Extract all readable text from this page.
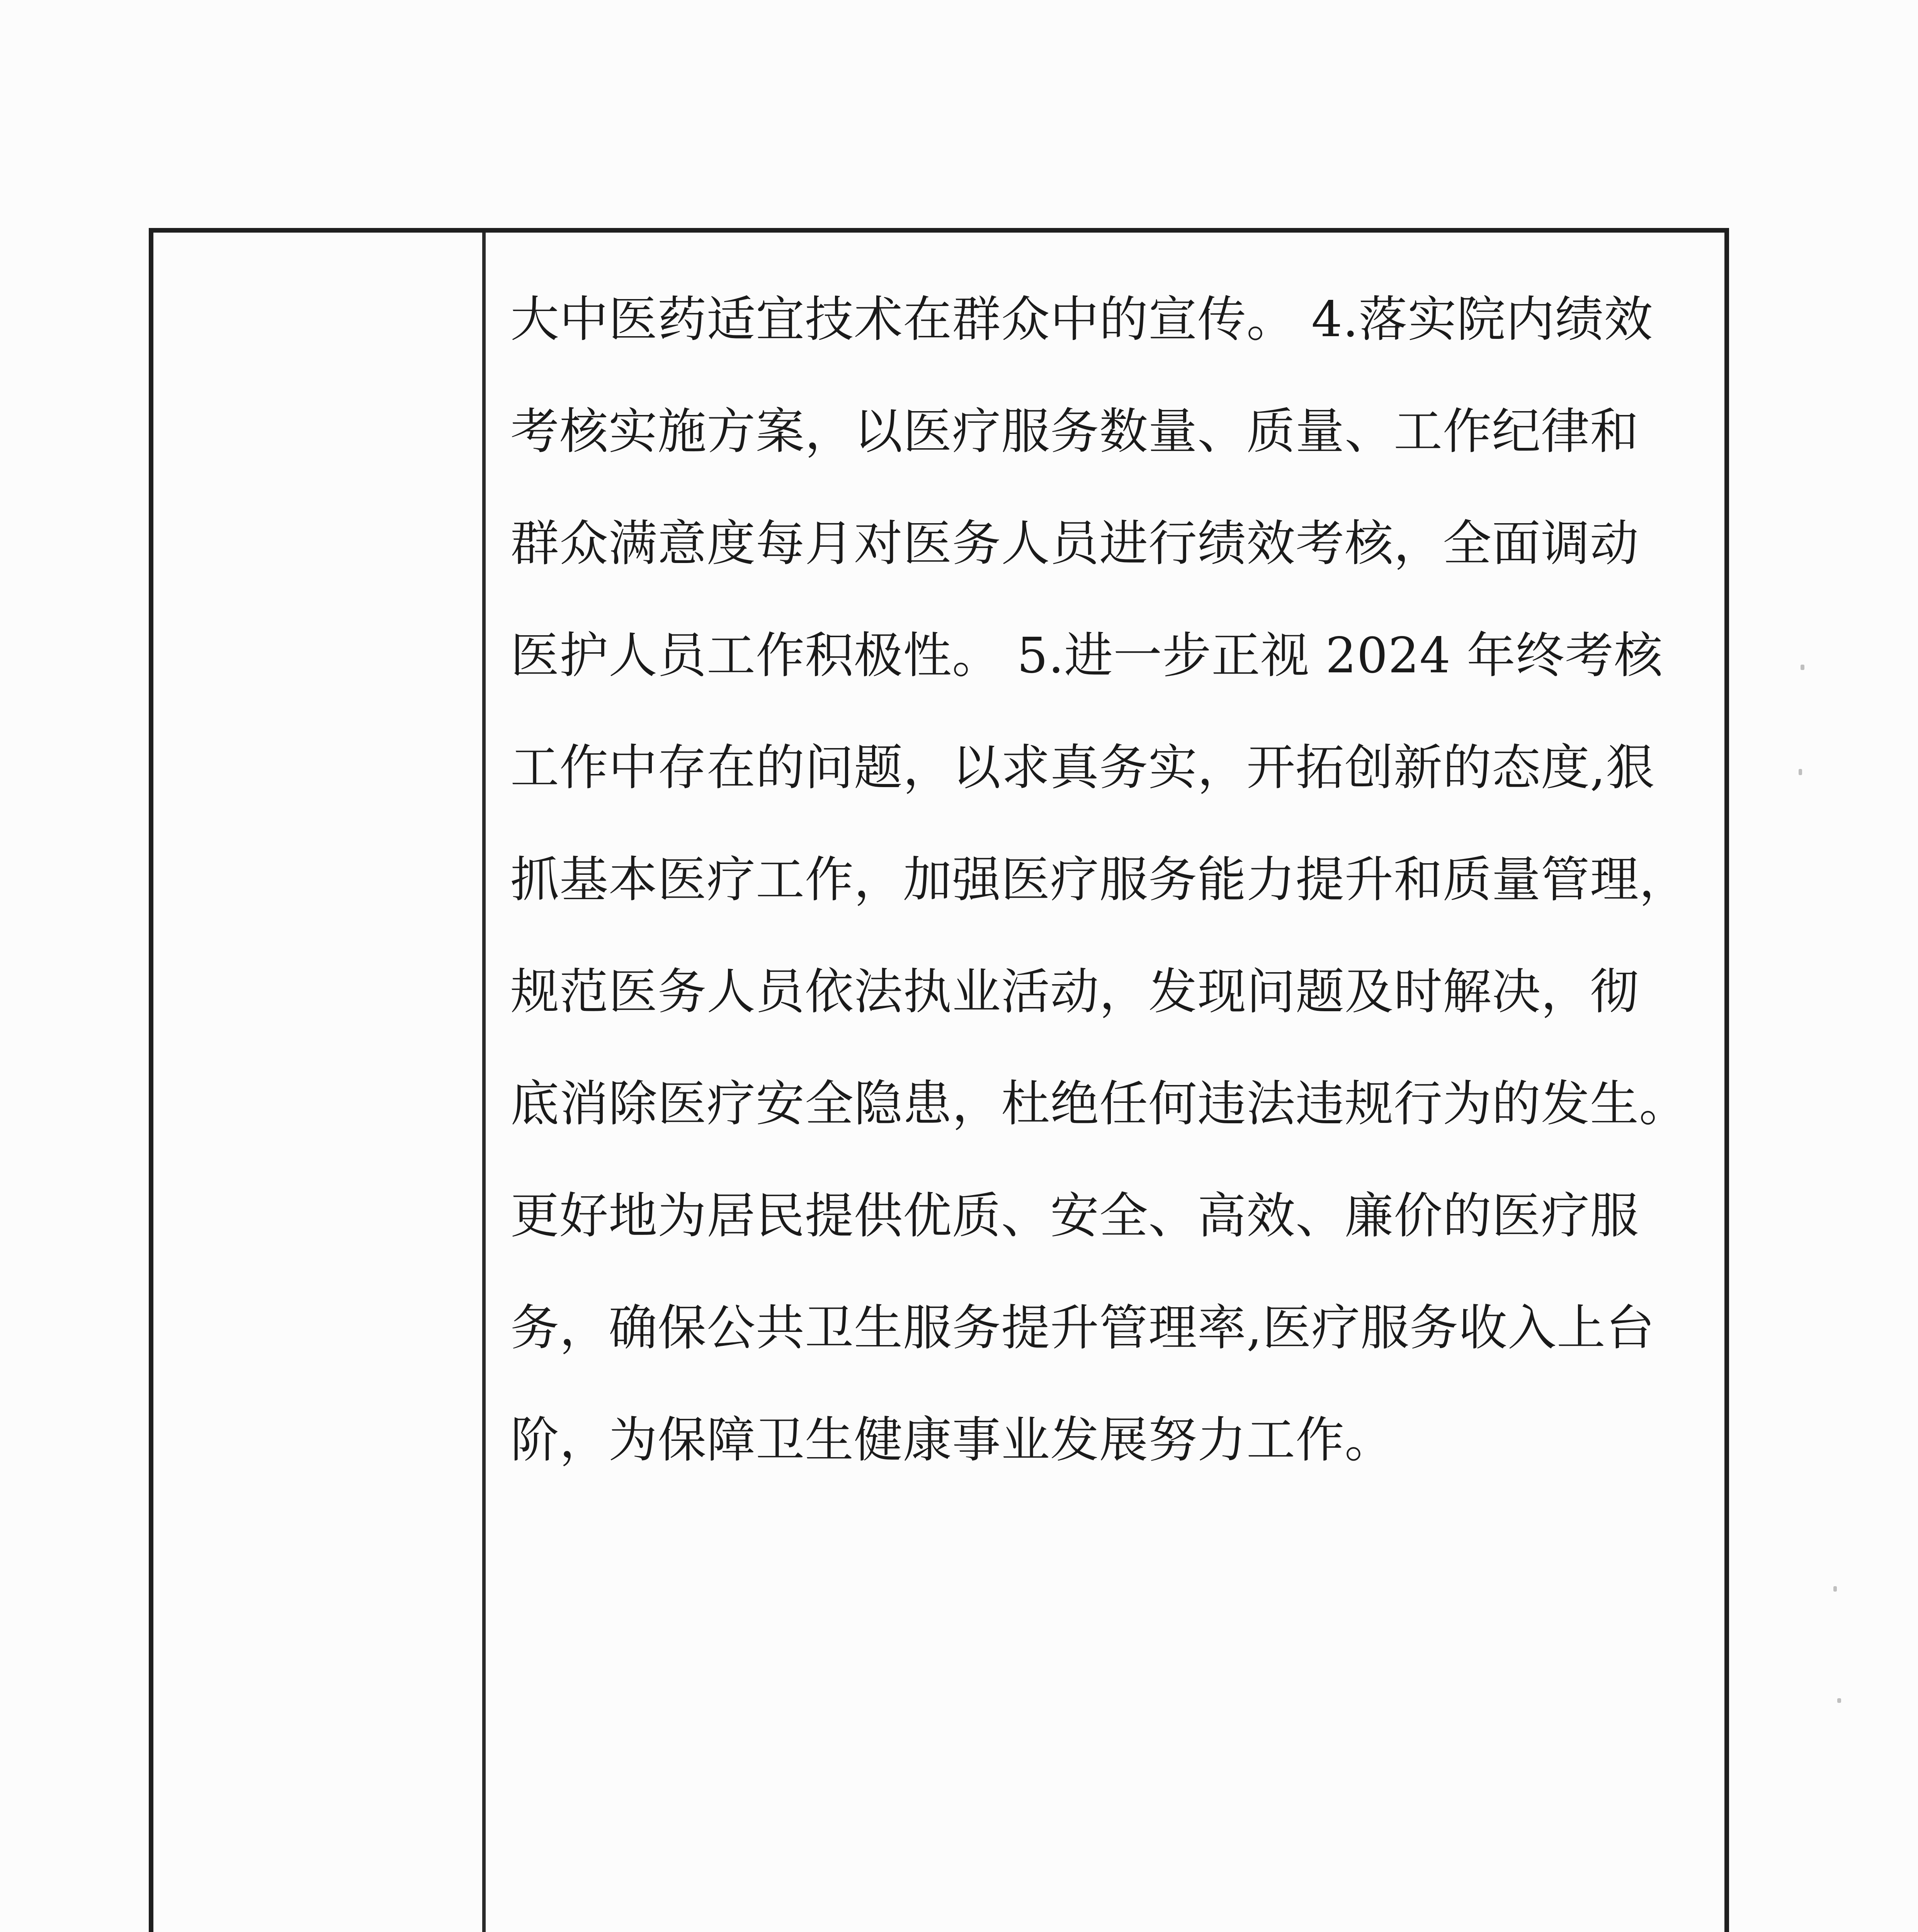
大中医药适宜技术在群众中的宣传。 4.落实院内绩效
考核实施方案，以医疗服务数量、质量、工作纪律和
群众满意度每月对医务人员进行绩效考核，全面调动
医护人员工作积极性。 5.进一步正视 2024 年终考核
工作中存在的问题，以求真务实，开拓创新的态度,狠
抓基本医疗工作，加强医疗服务能力提升和质量管理，
规范医务人员依法执业活动，发现问题及时解决，彻
底消除医疗安全隐患，杜绝任何违法违规行为的发生。
更好地为居民提供优质、安全、高效、廉价的医疗服
务，确保公共卫生服务提升管理率,医疗服务收入上台
阶，为保障卫生健康事业发展努力工作。
